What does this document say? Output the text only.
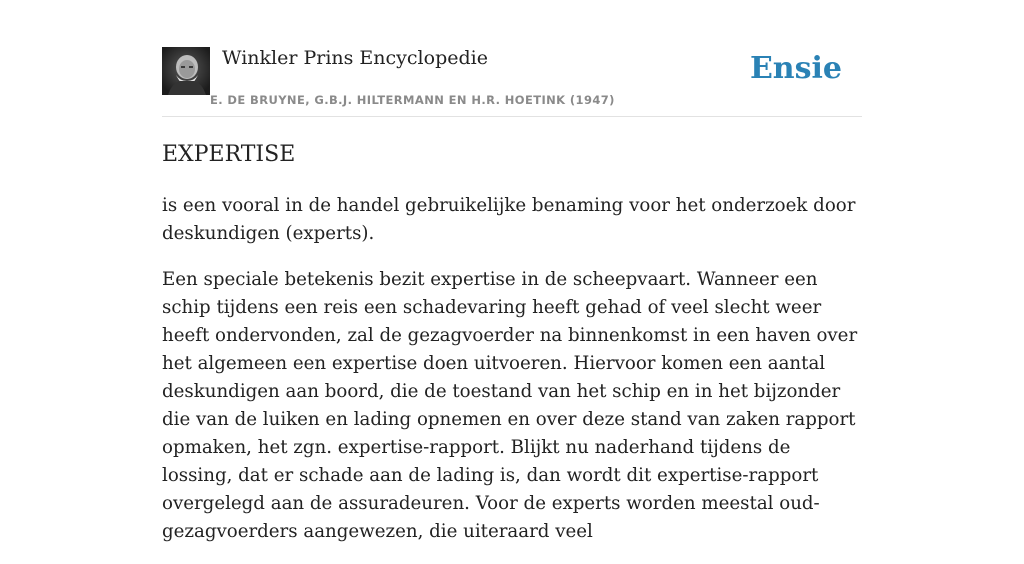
Winkler Prins Encyclopedie
E. DE BRUYNE, G.B.J. HILTERMANN EN H.R. HOETINK (1947)
Ensie
EXPERTISE

is een vooral in de handel gebruikelijke benaming voor het onderzoek door deskundigen (experts).

Een speciale betekenis bezit expertise in de scheepvaart. Wanneer een schip tijdens een reis een schadevaring heeft gehad of veel slecht weer heeft ondervonden, zal de gezagvoerder na binnenkomst in een haven over het algemeen een expertise doen uitvoeren. Hiervoor komen een aantal deskundigen aan boord, die de toestand van het schip en in het bijzonder die van de luiken en lading opnemen en over deze stand van zaken rapport opmaken, het zgn. expertise-rapport. Blijkt nu naderhand tijdens de lossing, dat er schade aan de lading is, dan wordt dit expertise-rapport overgelegd aan de assuradeuren. Voor de experts worden meestal oud-gezagvoerders aangewezen, die uiteraard veel
